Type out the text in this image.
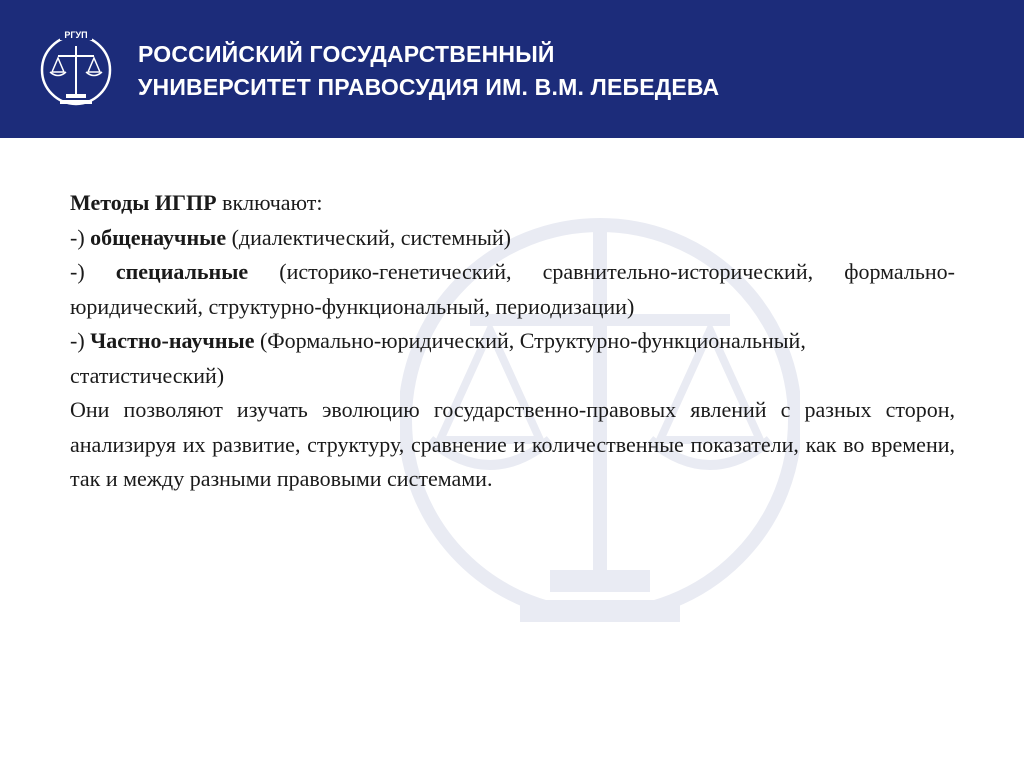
РГУП
РОССИЙСКИЙ ГОСУДАРСТВЕННЫЙ
УНИВЕРСИТЕТ ПРАВОСУДИЯ ИМ. В.М. ЛЕБЕДЕВА

Методы ИГПР включают:

-) общенаучные (диалектический, системный)

-) специальные (историко-генетический, сравнительно-исторический, формально-юридический, структурно-функциональный, периодизации)

-) Частно-научные (Формально-юридический, Структурно-функциональный, статистический)

Они позволяют изучать эволюцию государственно-правовых явлений с разных сторон, анализируя их развитие, структуру, сравнение и количественные показатели, как во времени, так и между разными правовыми системами.
